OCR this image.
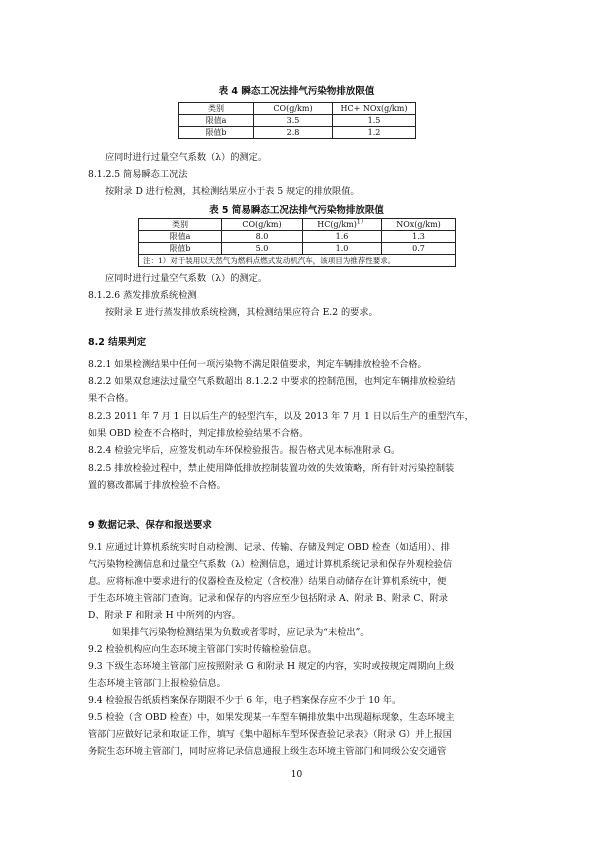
表 4 瞬态工况法排气污染物排放限值
类别	CO(g/km)	HC+ NOx(g/km)
限值a	3.5	1.5
限值b	2.8	1.2
应同时进行过量空气系数（λ）的测定。
8.1.2.5 简易瞬态工况法
按附录 D 进行检测，其检测结果应小于表 5 规定的排放限值。
表 5 简易瞬态工况法排气污染物排放限值
类别	CO(g/km)	$HC(g/km)^{1)}$	NOx(g/km)
限值a	8.0	1.6	1.3
限值b	5.0	1.0	0.7
注：1）对于装用以天然气为燃料点燃式发动机汽车，该项目为推荐性要求。			
应同时进行过量空气系数（λ）的测定。
8.1.2.6 蒸发排放系统检测
按附录 E 进行蒸发排放系统检测，其检测结果应符合 E.2 的要求。
8.2 结果判定
8.2.1 如果检测结果中任何一项污染物不满足限值要求，判定车辆排放检验不合格。
8.2.2 如果双怠速法过量空气系数超出 8.1.2.2 中要求的控制范围，也判定车辆排放检验结
果不合格。
8.2.3 2011 年 7 月 1 日以后生产的轻型汽车，以及 2013 年 7 月 1 日以后生产的重型汽车，
如果 OBD 检查不合格时，判定排放检验结果不合格。
8.2.4 检验完毕后，应签发机动车环保检验报告。报告格式见本标准附录 G。
8.2.5 排放检验过程中，禁止使用降低排放控制装置功效的失效策略，所有针对污染控制装
置的篡改都属于排放检验不合格。
9 数据记录、保存和报送要求
9.1 应通过计算机系统实时自动检测、记录、传输、存储及判定 OBD 检查（如适用）、排
气污染物检测信息和过量空气系数（λ）检测信息，通过计算机系统记录和保存外观检验信
息。应将标准中要求进行的仪器检查及检定（含校准）结果自动储存在计算机系统中，便
于生态环境主管部门查询。记录和保存的内容应至少包括附录 A、附录 B、附录 C、附录
D、附录 F 和附录 H 中所列的内容。
如果排气污染物检测结果为负数或者零时，应记录为“未检出”。
9.2 检验机构应向生态环境主管部门实时传输检验信息。
9.3 下级生态环境主管部门应按照附录 G 和附录 H 规定的内容，实时或按规定周期向上级
生态环境主管部门上报检验信息。
9.4 检验报告纸质档案保存期限不少于 6 年，电子档案保存应不少于 10 年。
9.5 检验（含 OBD 检查）中，如果发现某一车型车辆排放集中出现超标现象，生态环境主
管部门应做好记录和取证工作，填写《集中超标车型环保查验记录表》（附录 G）并上报国
务院生态环境主管部门，同时应将记录信息通报上级生态环境主管部门和同级公安交通管
10
